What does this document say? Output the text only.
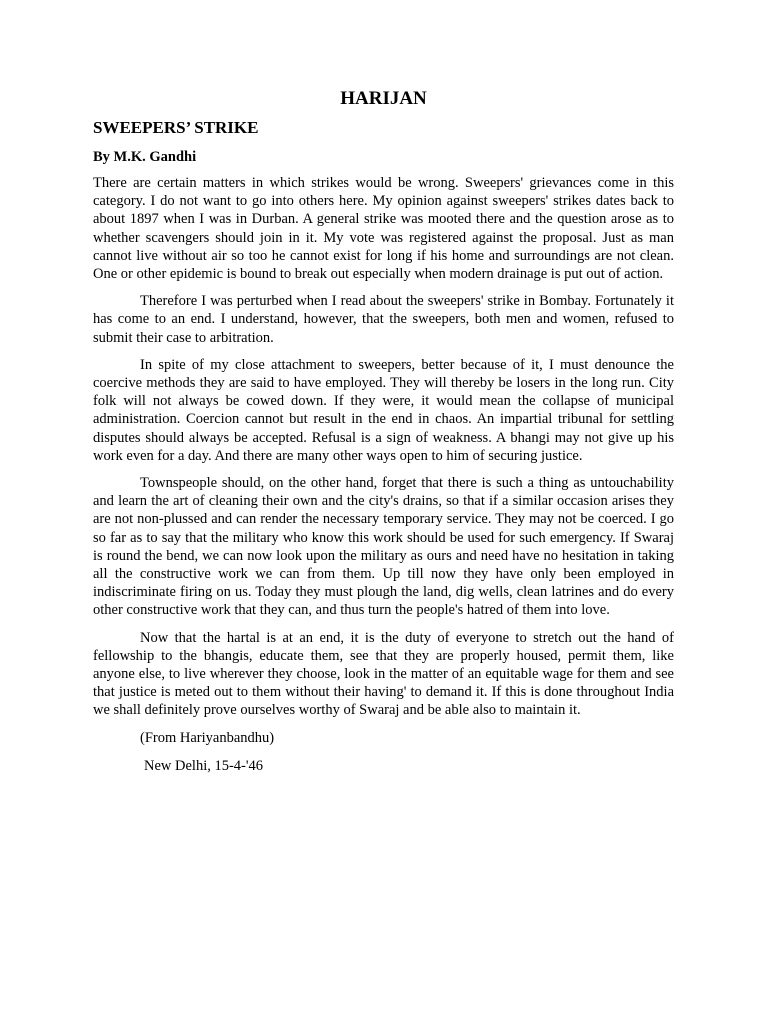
HARIJAN
SWEEPERS’ STRIKE

By M.K. Gandhi

There are certain matters in which strikes would be wrong. Sweepers' grievances come in this category. I do not want to go into others here. My opinion against sweepers' strikes dates back to about 1897 when I was in Durban. A general strike was mooted there and the question arose as to whether scavengers should join in it. My vote was registered against the proposal. Just as man cannot live without air so too he cannot exist for long if his home and surroundings are not clean. One or other epidemic is bound to break out especially when modern drainage is put out of action.

Therefore I was perturbed when I read about the sweepers' strike in Bombay. Fortunately it has come to an end. I understand, however, that the sweepers, both men and women, refused to submit their case to arbitration.

In spite of my close attachment to sweepers, better because of it, I must denounce the coercive methods they are said to have employed. They will thereby be losers in the long run. City folk will not always be cowed down. If they were, it would mean the collapse of municipal administration. Coercion cannot but result in the end in chaos. An impartial tribunal for settling disputes should always be accepted. Refusal is a sign of weakness. A bhangi may not give up his work even for a day. And there are many other ways open to him of securing justice.

Townspeople should, on the other hand, forget that there is such a thing as untouchability and learn the art of cleaning their own and the city's drains, so that if a similar occasion arises they are not non-plussed and can render the necessary temporary service. They may not be coerced. I go so far as to say that the military who know this work should be used for such emergency. If Swaraj is round the bend, we can now look upon the military as ours and need have no hesitation in taking all the constructive work we can from them. Up till now they have only been employed in indiscriminate firing on us. Today they must plough the land, dig wells, clean latrines and do every other constructive work that they can, and thus turn the people's hatred of them into love.

Now that the hartal is at an end, it is the duty of everyone to stretch out the hand of fellowship to the bhangis, educate them, see that they are properly housed, permit them, like anyone else, to live wherever they choose, look in the matter of an equitable wage for them and see that justice is meted out to them without their having' to demand it. If this is done throughout India we shall definitely prove ourselves worthy of Swaraj and be able also to maintain it.

(From Hariyanbandhu)

New Delhi, 15-4-'46
